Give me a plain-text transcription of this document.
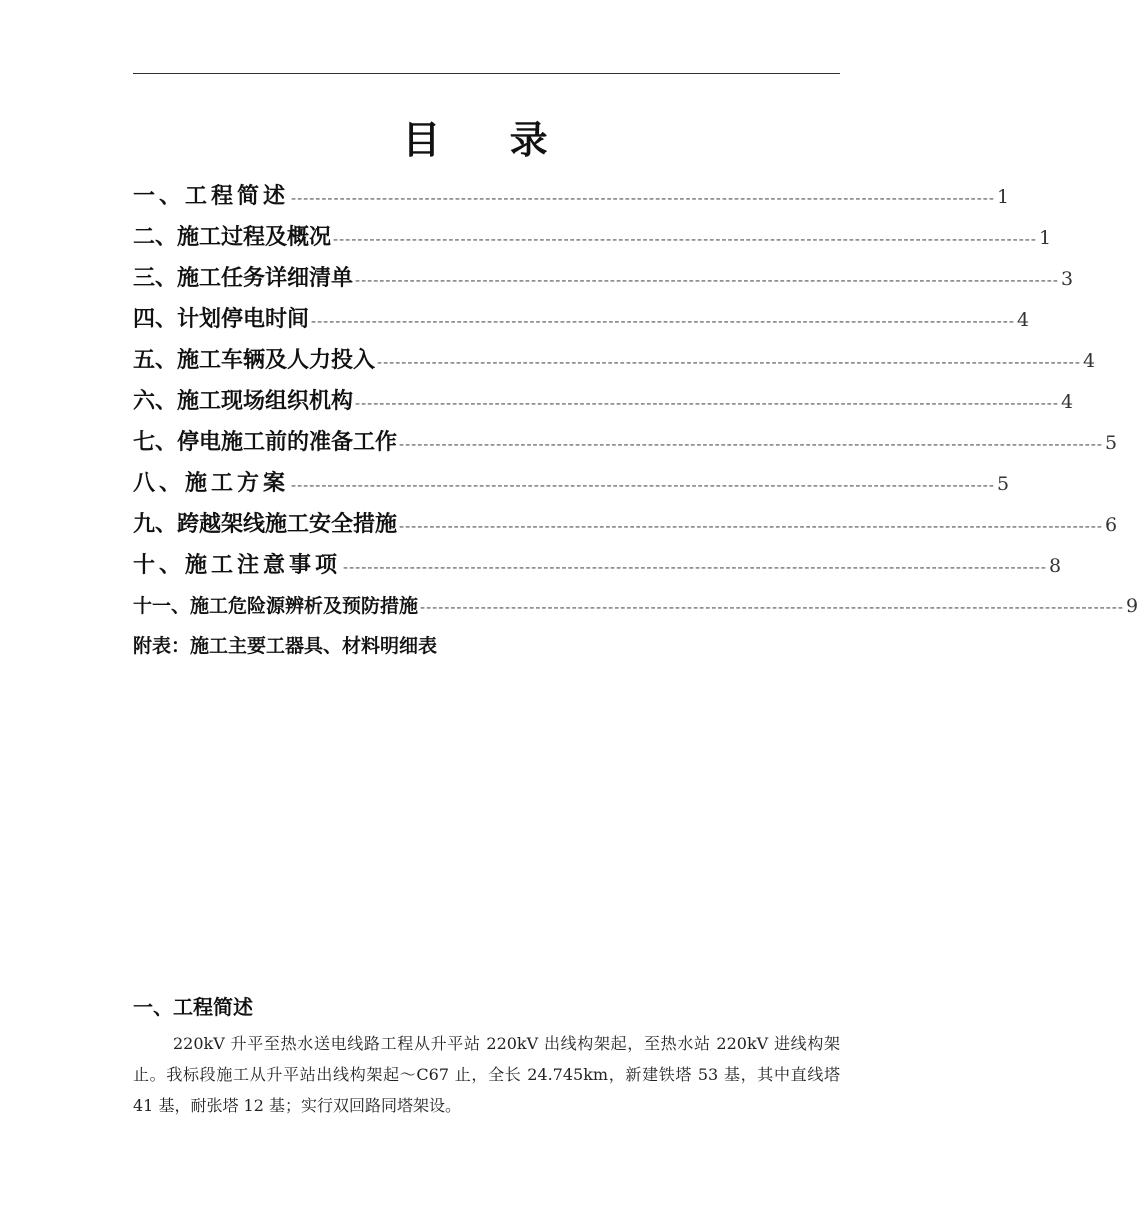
目 录
一、工程简述 -------------------------------------------------------------------------------------------------------------------- 1
二、施工过程及概况 -------------------------------------------------------------------------------------------------------------------- 1
三、施工任务详细清单 -------------------------------------------------------------------------------------------------------------------- 3
四、计划停电时间 -------------------------------------------------------------------------------------------------------------------- 4
五、施工车辆及人力投入 -------------------------------------------------------------------------------------------------------------------- 4
六、施工现场组织机构 -------------------------------------------------------------------------------------------------------------------- 4
七、停电施工前的准备工作 -------------------------------------------------------------------------------------------------------------------- 5
八、施工方案 -------------------------------------------------------------------------------------------------------------------- 5
九、跨越架线施工安全措施 -------------------------------------------------------------------------------------------------------------------- 6
十、施工注意事项 -------------------------------------------------------------------------------------------------------------------- 8
十一、施工危险源辨析及预防措施 -------------------------------------------------------------------------------------------------------------------- 9
附表：施工主要工器具、材料明细表
一、工程简述
220kV 升平至热水送电线路工程从升平站 220kV 出线构架起，至热水站 220kV 进线构架止。我标段施工从升平站出线构架起～C67 止，全长 24.745km，新建铁塔 53 基，其中直线塔 41 基，耐张塔 12 基；实行双回路同塔架设。
